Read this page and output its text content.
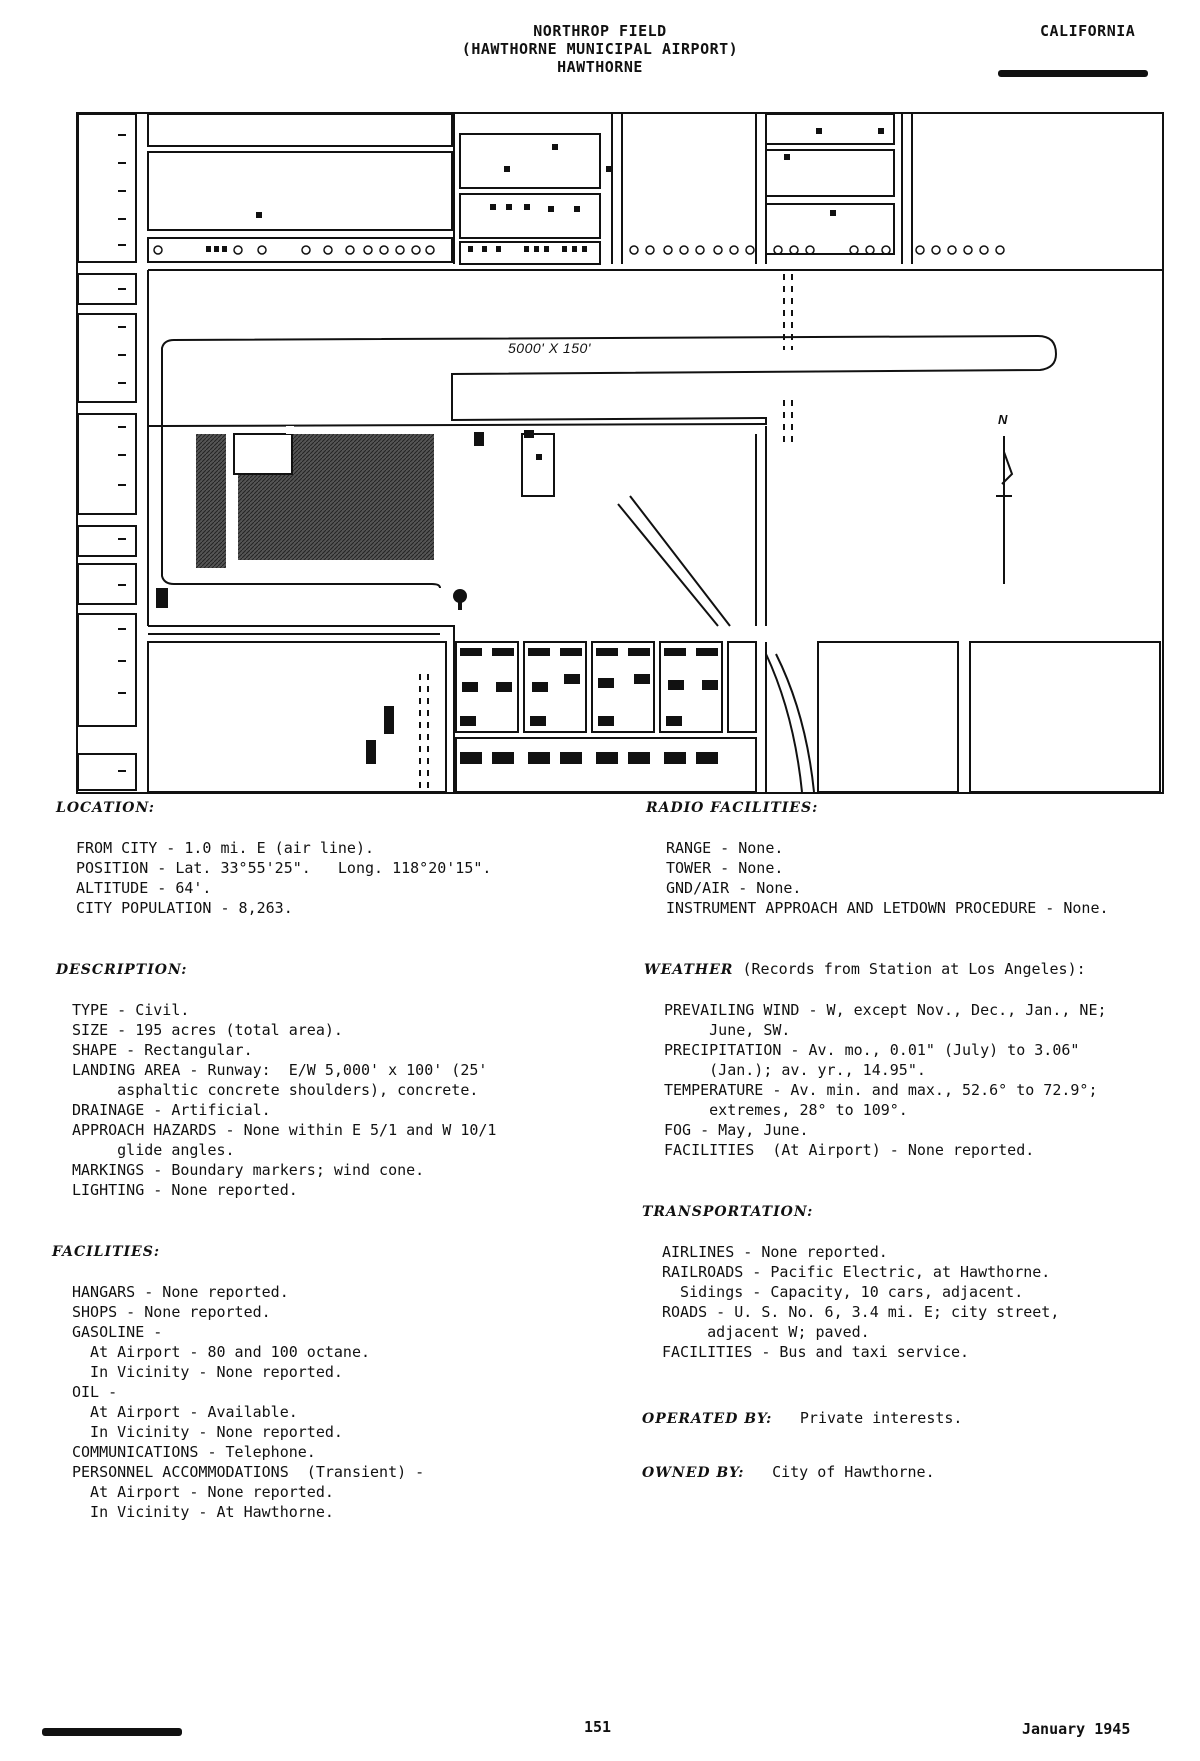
NORTHROP FIELD
(HAWTHORNE MUNICIPAL AIRPORT)
HAWTHORNE
CALIFORNIA
5000' X 150'
N
LOCATION:
FROM CITY - 1.0 mi. E (air line).
POSITION - Lat. 33°55'25".   Long. 118°20'15".
ALTITUDE - 64'.
CITY POPULATION - 8,263.
DESCRIPTION:
TYPE - Civil.
SIZE - 195 acres (total area).
SHAPE - Rectangular.
LANDING AREA - Runway:  E/W 5,000' x 100' (25'
asphaltic concrete shoulders), concrete.
DRAINAGE - Artificial.
APPROACH HAZARDS - None within E 5/1 and W 10/1
glide angles.
MARKINGS - Boundary markers; wind cone.
LIGHTING - None reported.
FACILITIES:
HANGARS - None reported.
SHOPS - None reported.
GASOLINE -
At Airport - 80 and 100 octane.
In Vicinity - None reported.
OIL -
At Airport - Available.
In Vicinity - None reported.
COMMUNICATIONS - Telephone.
PERSONNEL ACCOMMODATIONS  (Transient) -
At Airport - None reported.
In Vicinity - At Hawthorne.
RADIO FACILITIES:
RANGE - None.
TOWER - None.
GND/AIR - None.
INSTRUMENT APPROACH AND LETDOWN PROCEDURE - None.
WEATHER (Records from Station at Los Angeles):
PREVAILING WIND - W, except Nov., Dec., Jan., NE;
June, SW.
PRECIPITATION - Av. mo., 0.01" (July) to 3.06"
(Jan.); av. yr., 14.95".
TEMPERATURE - Av. min. and max., 52.6° to 72.9°;
extremes, 28° to 109°.
FOG - May, June.
FACILITIES  (At Airport) - None reported.
TRANSPORTATION:
AIRLINES - None reported.
RAILROADS - Pacific Electric, at Hawthorne.
Sidings - Capacity, 10 cars, adjacent.
ROADS - U. S. No. 6, 3.4 mi. E; city street,
adjacent W; paved.
FACILITIES - Bus and taxi service.
OPERATED BY: Private interests.
OWNED BY: City of Hawthorne.
151	January 1945
